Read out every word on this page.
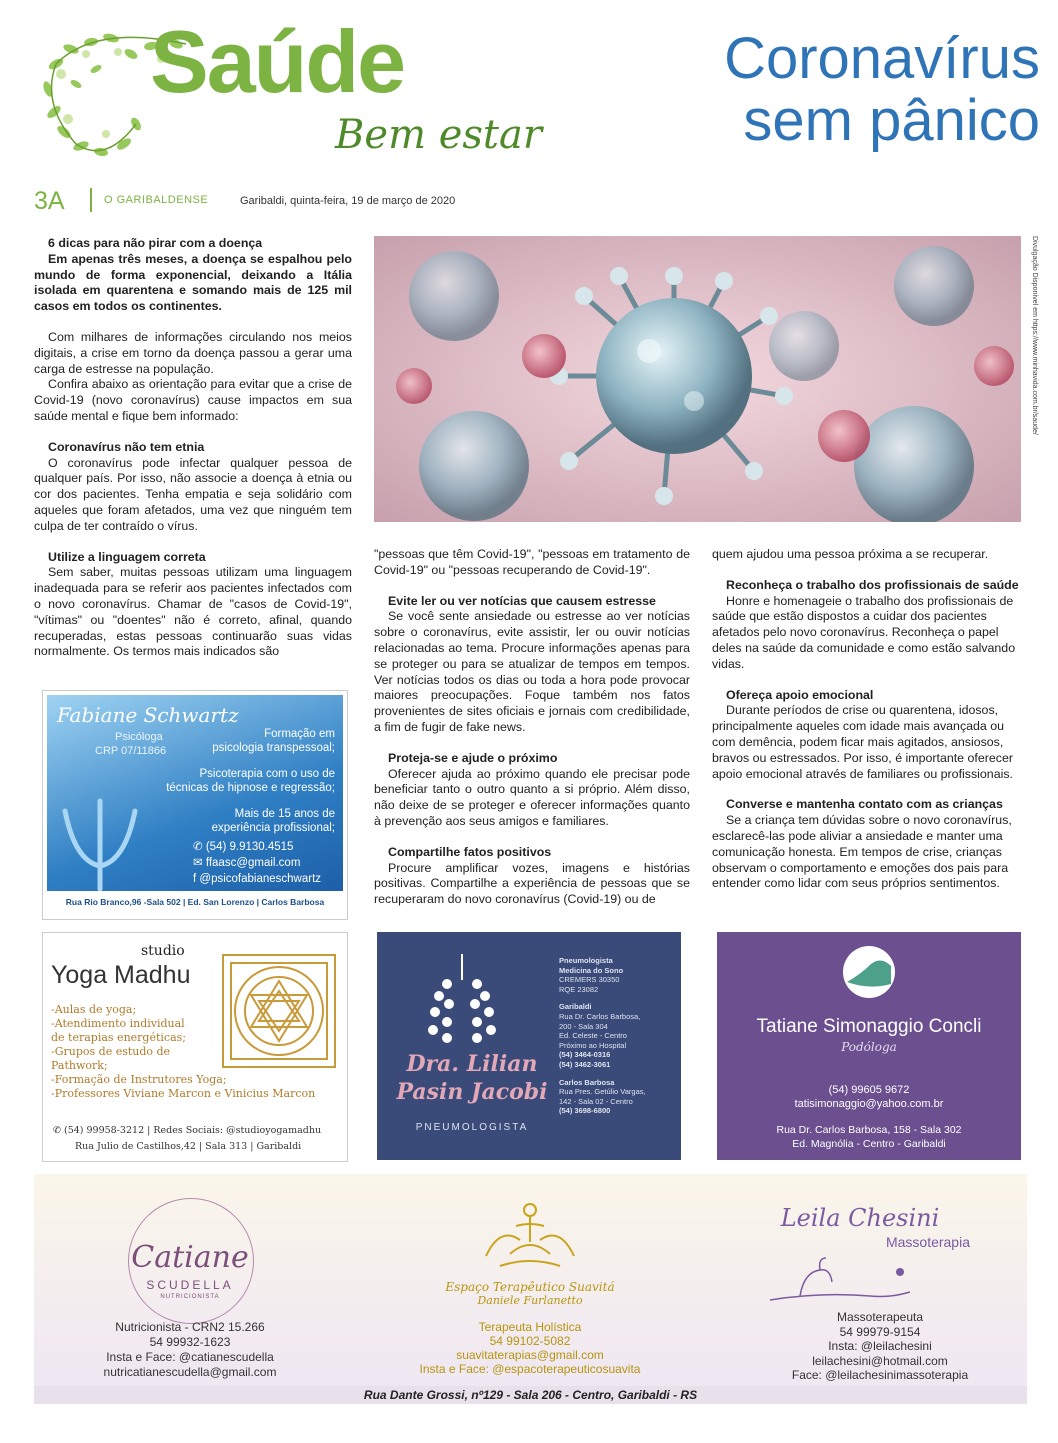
Saúde
Bem estar
Coronavírus
sem pânico
3A	O GARIBALDENSE	Garibaldi, quinta-feira, 19 de março de 2020

6 dicas para não pirar com a doença

Em apenas três meses, a doença se espalhou pelo mundo de forma exponencial, deixando a Itália isolada em quarentena e somando mais de 125 mil casos em todos os continentes.

Com milhares de informações circulando nos meios digitais, a crise em torno da doença passou a gerar uma carga de estresse na população.

Confira abaixo as orientação para evitar que a crise de Covid-19 (novo coronavírus) cause impactos em sua saúde mental e fique bem informado:

Coronavírus não tem etnia

O coronavírus pode infectar qualquer pessoa de qualquer país. Por isso, não associe a doença à etnia ou cor dos pacientes. Tenha empatia e seja solidário com aqueles que foram afetados, uma vez que ninguém tem culpa de ter contraído o vírus.

Utilize a linguagem correta

Sem saber, muitas pessoas utilizam uma linguagem inadequada para se referir aos pacientes infectados com o novo coronavírus. Chamar de "casos de Covid-19", "vítimas" ou "doentes" não é correto, afinal, quando recuperadas, estas pessoas continuarão suas vidas normalmente. Os termos mais indicados são

Divulgação Disponível em https://www.minhavida.com.br/saude/

"pessoas que têm Covid-19", "pessoas em tratamento de Covid-19" ou "pessoas recuperando de Covid-19".

Evite ler ou ver notícias que causem estresse

Se você sente ansiedade ou estresse ao ver notícias sobre o coronavírus, evite assistir, ler ou ouvir notícias relacionadas ao tema. Procure informações apenas para se proteger ou para se atualizar de tempos em tempos. Ver notícias todos os dias ou toda a hora pode provocar maiores preocupações. Foque também nos fatos provenientes de sites oficiais e jornais com credibilidade, a fim de fugir de fake news.

Proteja-se e ajude o próximo

Oferecer ajuda ao próximo quando ele precisar pode beneficiar tanto o outro quanto a si próprio. Além disso, não deixe de se proteger e oferecer informações quanto à prevenção aos seus amigos e familiares.

Compartilhe fatos positivos

Procure amplificar vozes, imagens e histórias positivas. Compartilhe a experiência de pessoas que se recuperaram do novo coronavírus (Covid-19) ou de

quem ajudou uma pessoa próxima a se recuperar.

Reconheça o trabalho dos profissionais de saúde

Honre e homenageie o trabalho dos profissionais de saúde que estão dispostos a cuidar dos pacientes afetados pelo novo coronavírus. Reconheça o papel deles na saúde da comunidade e como estão salvando vidas.

Ofereça apoio emocional

Durante períodos de crise ou quarentena, idosos, principalmente aqueles com idade mais avançada ou com demência, podem ficar mais agitados, ansiosos, bravos ou estressados. Por isso, é importante oferecer apoio emocional através de familiares ou profissionais.

Converse e mantenha contato com as crianças

Se a criança tem dúvidas sobre o novo coronavírus, esclarecê-las pode aliviar a ansiedade e manter uma comunicação honesta. Em tempos de crise, crianças observam o comportamento e emoções dos pais para entender como lidar com seus próprios sentimentos.

Fabiane Schwartz
Psicóloga
CRP 07/11866
Formação em
psicologia transpessoal;
Psicoterapia com o uso de
técnicas de hipnose e regressão;
Mais de 15 anos de
experiência profissional;
✆ (54) 9.9130.4515
✉ ffaasc@gmail.com
f @psicofabianeschwartz
Rua Rio Branco,96 -Sala 502 | Ed. San Lorenzo | Carlos Barbosa
studio
Yoga Madhu
-Aulas de yoga;
-Atendimento individual
de terapias energéticas;
-Grupos de estudo de
Pathwork;
-Formação de Instrutores Yoga;
-Professores Viviane Marcon e Vinicius Marcon
✆ (54) 99958-3212 | Redes Sociais: @studioyogamadhu
Rua Julio de Castilhos,42 | Sala 313 | Garibaldi
Pneumologista
Medicina do Sono
CREMERS 30350
RQE 23082
Garibaldi
Rua Dr. Carlos Barbosa,
200 - Sala 304
Ed. Celeste - Centro
Próximo ao Hospital
(54) 3464-0316
(54) 3462-3061
Carlos Barbosa
Rua Pres. Getúlio Vargas,
142 - Sala 02 - Centro
(54) 3698-6800
Dra. Lilian
Pasin Jacobi
PNEUMOLOGISTA
Tatiane Simonaggio Concli
Podóloga
(54) 99605 9672
tatisimonaggio@yahoo.com.br
Rua Dr. Carlos Barbosa, 158 - Sala 302
Ed. Magnólia - Centro - Garibaldi
Catiane
SCUDELLA
NUTRICIONISTA
Nutricionista - CRN2 15.266
54 99932-1623
Insta e Face: @catianescudella
nutricatianescudella@gmail.com
Espaço Terapêutico Suavitá
Daniele Furlanetto
Terapeuta Holística
54 99102-5082
suavitaterapias@gmail.com
Insta e Face: @espacoterapeuticosuavita
Leila Chesini
Massoterapia
Massoterapeuta
54 99979-9154
Insta: @leilachesini
leilachesini@hotmail.com
Face: @leilachesinimassoterapia
Rua Dante Grossi, nº129 - Sala 206 - Centro, Garibaldi - RS
